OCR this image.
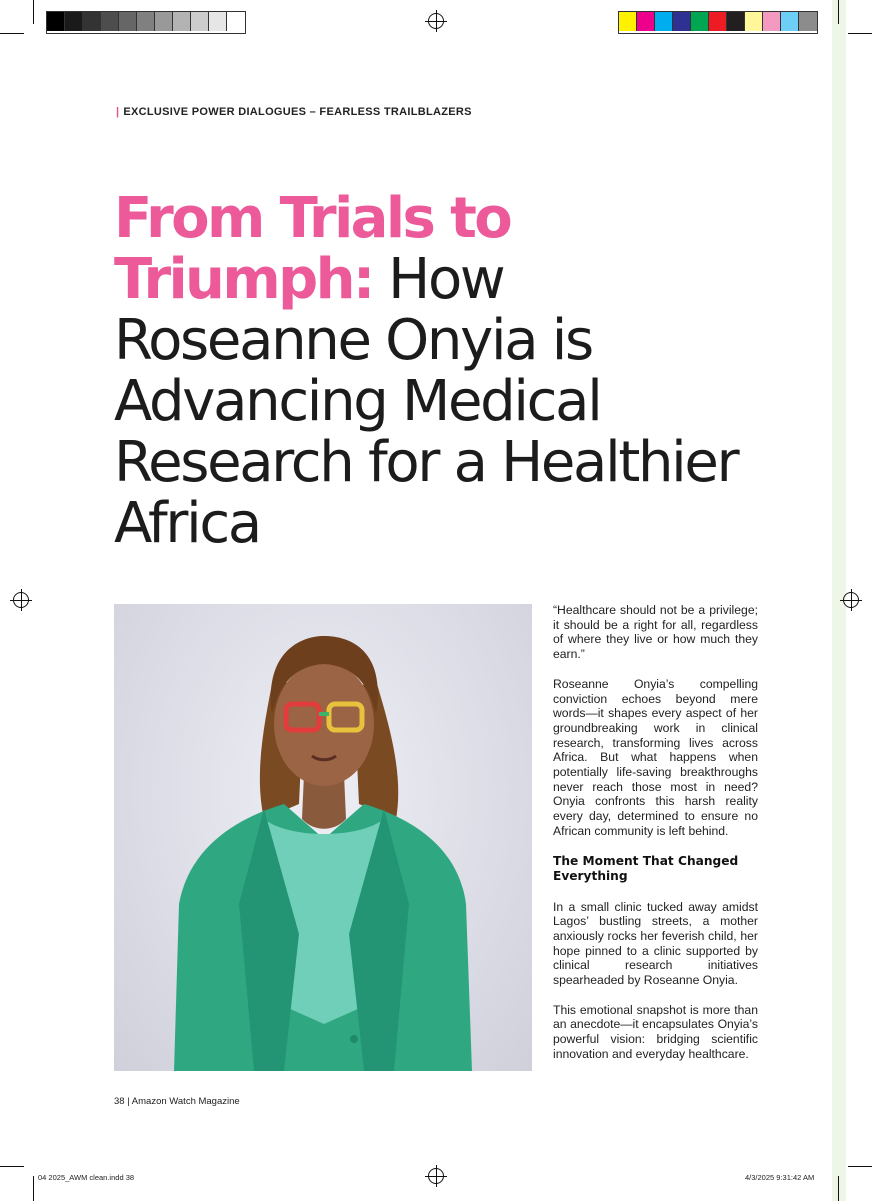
| EXCLUSIVE POWER DIALOGUES – FEARLESS TRAILBLAZERS
From Trials to Triumph: How Roseanne Onyia is Advancing Medical Research for a Healthier Africa

“Healthcare should not be a privilege; it should be a right for all, regardless of where they live or how much they earn.”

Roseanne Onyia’s compelling conviction echoes beyond mere words—it shapes every aspect of her groundbreaking work in clinical research, transforming lives across Africa. But what happens when potentially life-saving breakthroughs never reach those most in need? Onyia confronts this harsh reality every day, determined to ensure no African community is left behind.

The Moment That Changed Everything

In a small clinic tucked away amidst Lagos’ bustling streets, a mother anxiously rocks her feverish child, her hope pinned to a clinic supported by clinical research initiatives spearheaded by Roseanne Onyia.

This emotional snapshot is more than an anecdote—it encapsulates Onyia’s powerful vision: bridging scientific innovation and everyday healthcare.

38 | Amazon Watch Magazine
04 2025_AWM clean.indd 38	4/3/2025 9:31:42 AM
